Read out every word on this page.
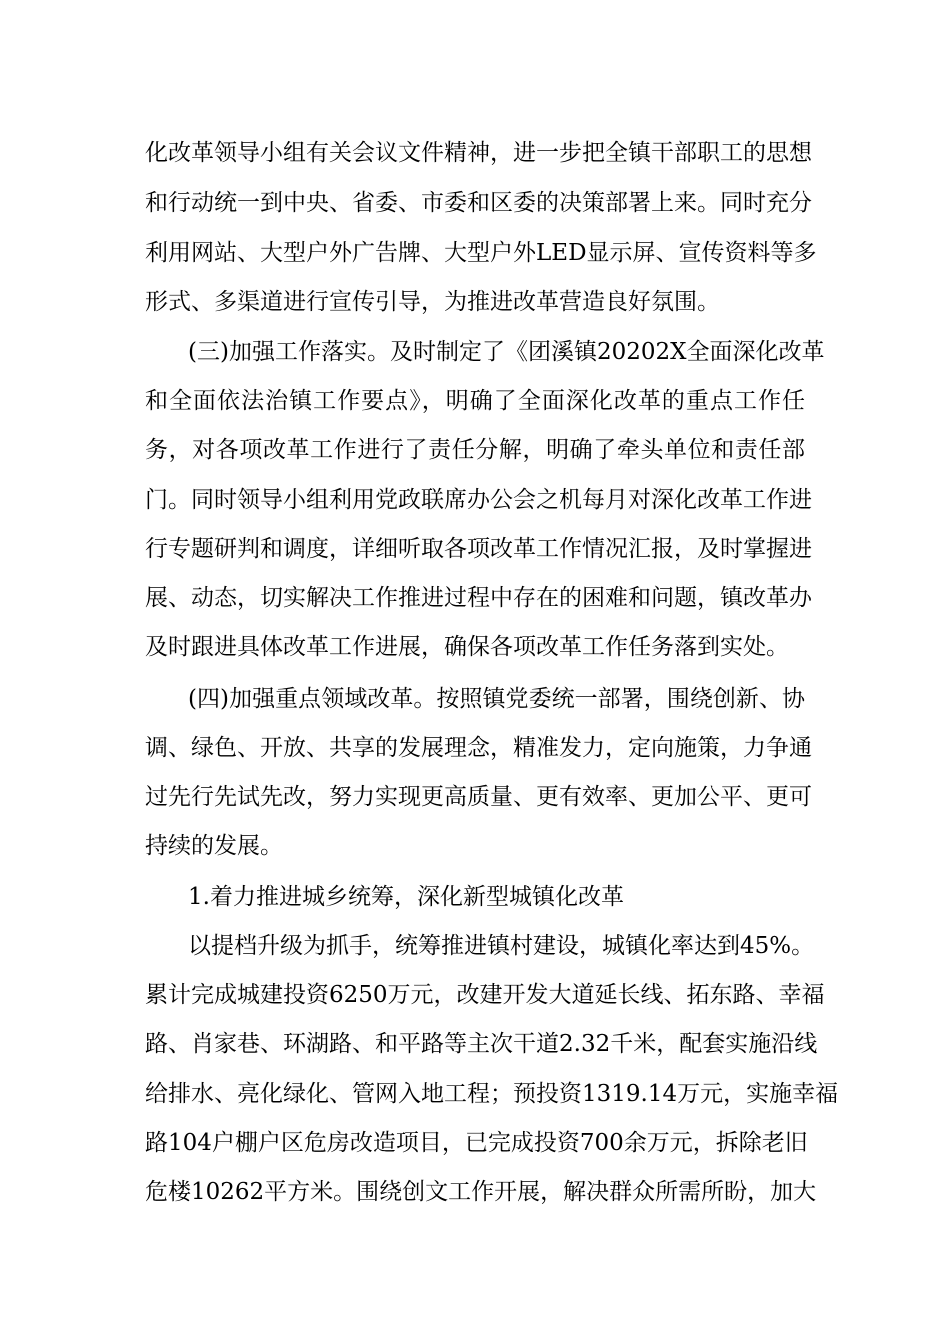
化改革领导小组有关会议文件精神，进一步把全镇干部职工的思想
和行动统一到中央、省委、市委和区委的决策部署上来。同时充分
利用网站、大型户外广告牌、大型户外LED显示屏、宣传资料等多
形式、多渠道进行宣传引导，为推进改革营造良好氛围。
(三)加强工作落实。及时制定了《团溪镇20202X全面深化改革
和全面依法治镇工作要点》，明确了全面深化改革的重点工作任
务，对各项改革工作进行了责任分解，明确了牵头单位和责任部
门。同时领导小组利用党政联席办公会之机每月对深化改革工作进
行专题研判和调度，详细听取各项改革工作情况汇报，及时掌握进
展、动态，切实解决工作推进过程中存在的困难和问题，镇改革办
及时跟进具体改革工作进展，确保各项改革工作任务落到实处。
(四)加强重点领域改革。按照镇党委统一部署，围绕创新、协
调、绿色、开放、共享的发展理念，精准发力，定向施策，力争通
过先行先试先改，努力实现更高质量、更有效率、更加公平、更可
持续的发展。
1.着力推进城乡统筹，深化新型城镇化改革
以提档升级为抓手，统筹推进镇村建设，城镇化率达到45%。
累计完成城建投资6250万元，改建开发大道延长线、拓东路、幸福
路、肖家巷、环湖路、和平路等主次干道2.32千米，配套实施沿线
给排水、亮化绿化、管网入地工程；预投资1319.14万元，实施幸福
路104户棚户区危房改造项目，已完成投资700余万元，拆除老旧
危楼10262平方米。围绕创文工作开展，解决群众所需所盼，加大
